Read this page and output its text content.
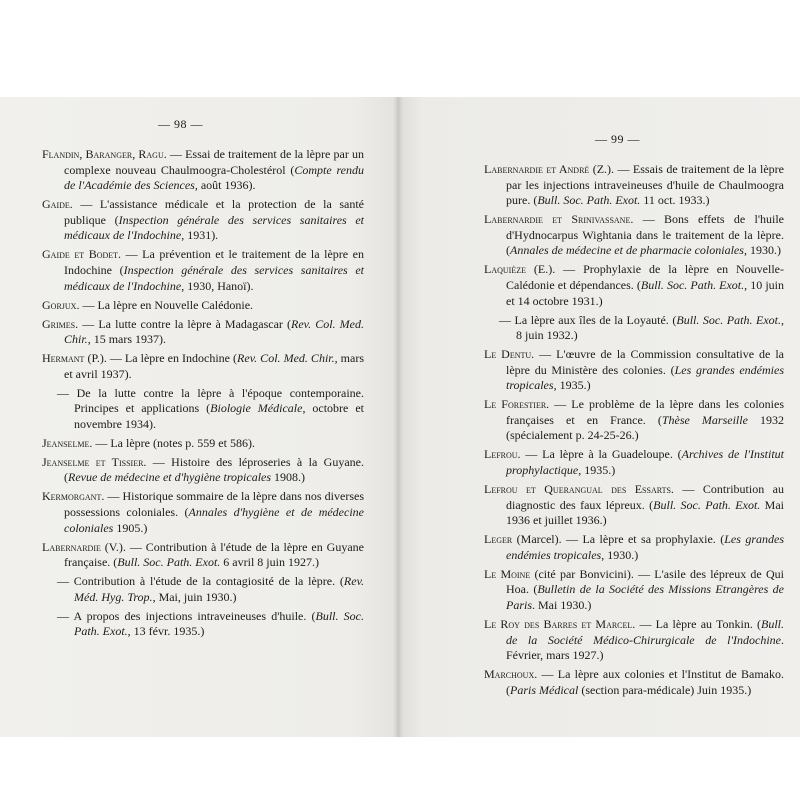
— 98 —
Flandin, Baranger, Ragu. — Essai de traitement de la lèpre par un complexe nouveau Chaulmoogra-Cholestérol (Compte rendu de l'Académie des Sciences, août 1936).
Gaide. — L'assistance médicale et la protection de la santé publique (Inspection générale des services sanitaires et médicaux de l'Indochine, 1931).
Gaide et Bodet. — La prévention et le traitement de la lèpre en Indochine (Inspection générale des services sanitaires et médicaux de l'Indochine, 1930, Hanoï).
Gorjux. — La lèpre en Nouvelle Calédonie.
Grimes. — La lutte contre la lèpre à Madagascar (Rev. Col. Med. Chir., 15 mars 1937).
Hermant (P.). — La lèpre en Indochine (Rev. Col. Med. Chir., mars et avril 1937).
— De la lutte contre la lèpre à l'époque contemporaine. Principes et applications (Biologie Médicale, octobre et novembre 1934).
Jeanselme. — La lèpre (notes p. 559 et 586).
Jeanselme et Tissier. — Histoire des léproseries à la Guyane. (Revue de médecine et d'hygiène tropicales 1908.)
Kermorgant. — Historique sommaire de la lèpre dans nos diverses possessions coloniales. (Annales d'hygiène et de médecine coloniales 1905.)
Labernardie (V.). — Contribution à l'étude de la lèpre en Guyane française. (Bull. Soc. Path. Exot. 6 avril 8 juin 1927.)
— Contribution à l'étude de la contagiosité de la lèpre. (Rev. Méd. Hyg. Trop., Mai, juin 1930.)
— A propos des injections intraveineuses d'huile. (Bull. Soc. Path. Exot., 13 févr. 1935.)
— 99 —
Labernardie et André (Z.). — Essais de traitement de la lèpre par les injections intraveineuses d'huile de Chaulmoogra pure. (Bull. Soc. Path. Exot. 11 oct. 1933.)
Labernardie et Srinivassane. — Bons effets de l'huile d'Hydnocarpus Wightania dans le traitement de la lèpre. (Annales de médecine et de pharmacie coloniales, 1930.)
Laquièze (E.). — Prophylaxie de la lèpre en Nouvelle-Calédonie et dépendances. (Bull. Soc. Path. Exot., 10 juin et 14 octobre 1931.)
— La lèpre aux îles de la Loyauté. (Bull. Soc. Path. Exot., 8 juin 1932.)
Le Dentu. — L'œuvre de la Commission consultative de la lèpre du Ministère des colonies. (Les grandes endémies tropicales, 1935.)
Le Forestier. — Le problème de la lèpre dans les colonies françaises et en France. (Thèse Marseille 1932 (spécialement p. 24-25-26.)
Lefrou. — La lèpre à la Guadeloupe. (Archives de l'Institut prophylactique, 1935.)
Lefrou et Querangual des Essarts. — Contribution au diagnostic des faux lépreux. (Bull. Soc. Path. Exot. Mai 1936 et juillet 1936.)
Leger (Marcel). — La lèpre et sa prophylaxie. (Les grandes endémies tropicales, 1930.)
Le Moine (cité par Bonvicini). — L'asile des lépreux de Qui Hoa. (Bulletin de la Société des Missions Etrangères de Paris. Mai 1930.)
Le Roy des Barres et Marcel. — La lèpre au Tonkin. (Bull. de la Société Médico-Chirurgicale de l'Indochine. Février, mars 1927.)
Marchoux. — La lèpre aux colonies et l'Institut de Bamako. (Paris Médical (section para-médicale) Juin 1935.)
